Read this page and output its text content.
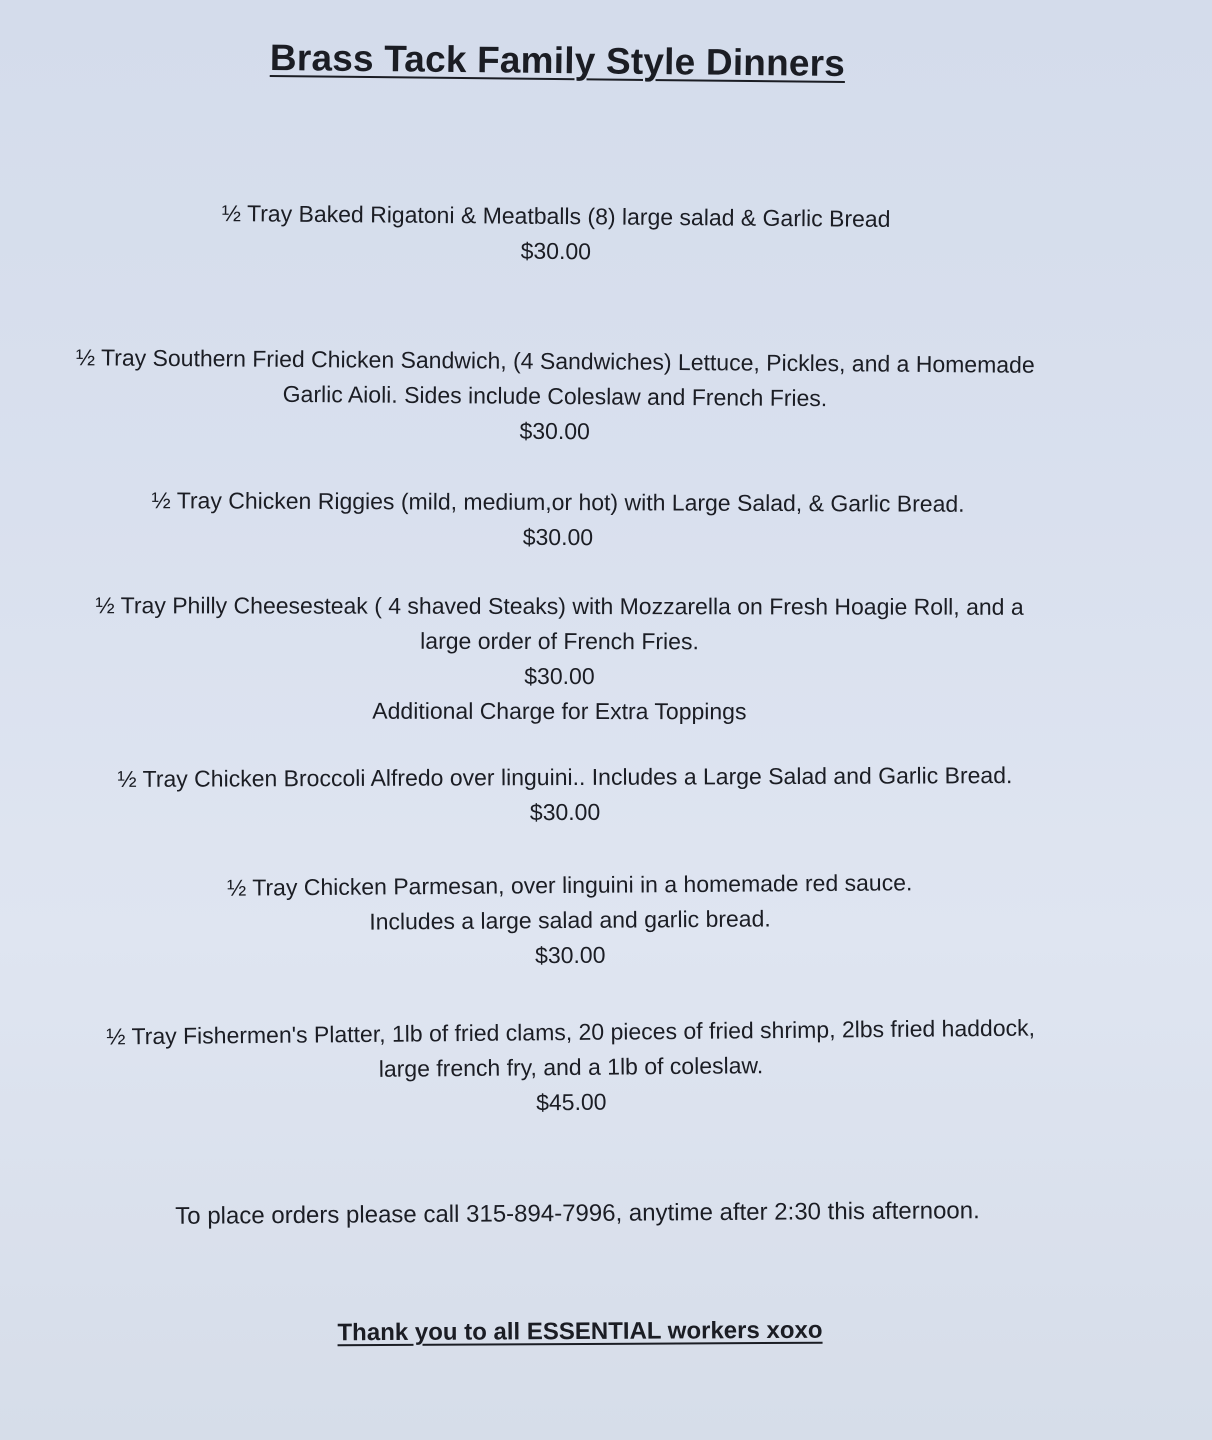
Brass Tack Family Style Dinners
½ Tray Baked Rigatoni & Meatballs (8) large salad & Garlic Bread
$30.00
½ Tray Southern Fried Chicken Sandwich, (4 Sandwiches) Lettuce, Pickles, and a Homemade
Garlic Aioli. Sides include Coleslaw and French Fries.
$30.00
½ Tray Chicken Riggies (mild, medium,or hot) with Large Salad, & Garlic Bread.
$30.00
½ Tray Philly Cheesesteak ( 4 shaved Steaks) with Mozzarella on Fresh Hoagie Roll, and a
large order of French Fries.
$30.00
Additional Charge for Extra Toppings
½ Tray Chicken Broccoli Alfredo over linguini.. Includes a Large Salad and Garlic Bread.
$30.00
½ Tray Chicken Parmesan, over linguini in a homemade red sauce.
Includes a large salad and garlic bread.
$30.00
½ Tray Fishermen's Platter, 1lb of fried clams, 20 pieces of fried shrimp, 2lbs fried haddock,
large french fry, and a 1lb of coleslaw.
$45.00
To place orders please call 315-894-7996, anytime after 2:30 this afternoon.
Thank you to all ESSENTIAL workers xoxo
